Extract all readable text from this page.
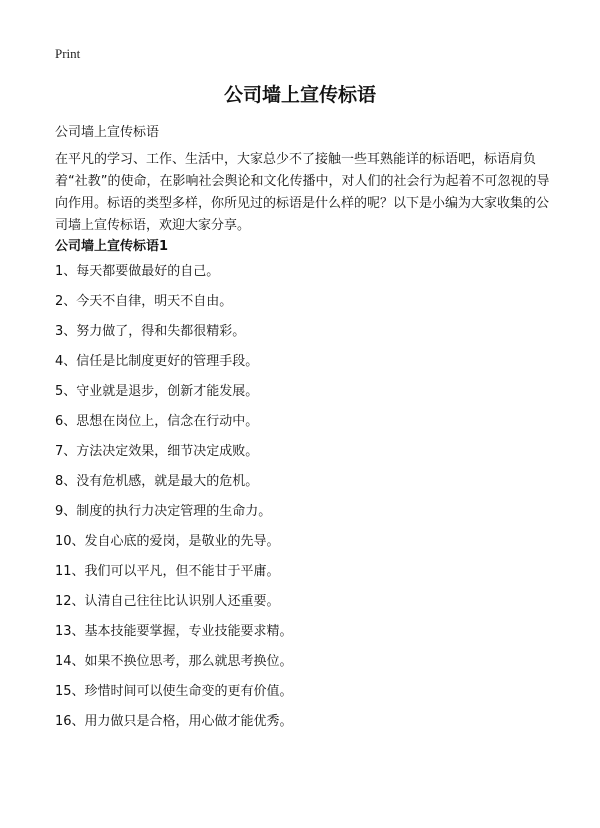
Print
公司墙上宣传标语
公司墙上宣传标语

在平凡的学习、工作、生活中，大家总少不了接触一些耳熟能详的标语吧，标语肩负着“社教”的使命，在影响社会舆论和文化传播中，对人们的社会行为起着不可忽视的导向作用。标语的类型多样，你所见过的标语是什么样的呢？以下是小编为大家收集的公司墙上宣传标语，欢迎大家分享。

公司墙上宣传标语1
1、每天都要做最好的自己。
2、今天不自律，明天不自由。
3、努力做了，得和失都很精彩。
4、信任是比制度更好的管理手段。
5、守业就是退步，创新才能发展。
6、思想在岗位上，信念在行动中。
7、方法决定效果，细节决定成败。
8、没有危机感，就是最大的危机。
9、制度的执行力决定管理的生命力。
10、发自心底的爱岗，是敬业的先导。
11、我们可以平凡，但不能甘于平庸。
12、认清自己往往比认识别人还重要。
13、基本技能要掌握，专业技能要求精。
14、如果不换位思考，那么就思考换位。
15、珍惜时间可以使生命变的更有价值。
16、用力做只是合格，用心做才能优秀。
